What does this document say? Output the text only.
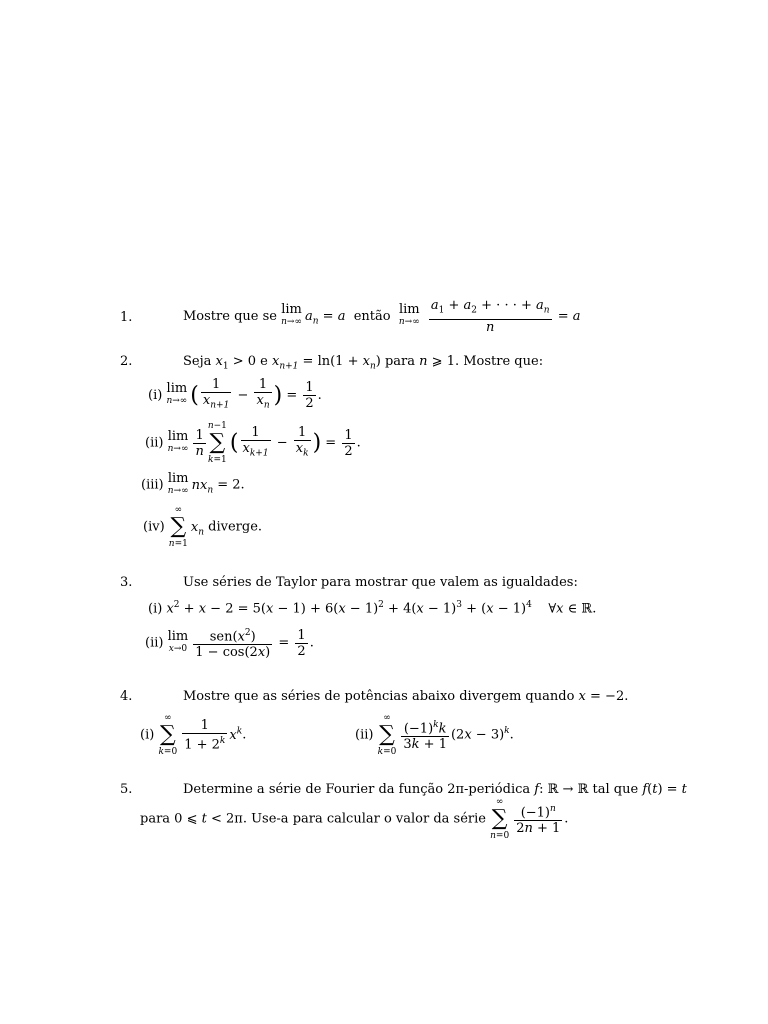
1.	Mostre que se lim
n→∞ $a_n = a$ então lim
n→∞
$\frac{a_1 + a_2 + \cdot \cdot \cdot + a_n}{n} = a$
2.	Seja $x_1 > 0$ e $x_{n+1} = \ln(1 + x_n)$ para n ⩾ 1. Mostre que:
(i) lim
n→∞ ( $\frac{1}{x_{n+1}} - \frac{1}{x_n}$ ) = $\frac{1}{2}$ .
(ii) lim
$n\to\infty \frac{1}{n}$
n−1
∑
k=1
( $\frac{1}{x_{k+1}} - \frac{1}{x_k}$ ) = $\frac{1}{2}$ .
(iii) lim
n→∞ $nx_n = 2$.
(iv)
∞
∑
n=1
$x_n$ diverge.
3.	Use séries de Taylor para mostrar que valem as igualdades:
(i) $x^2 + x - 2 = 5(x - 1) + 6(x - 1)^2 + 4(x - 1)^3 + (x - 1)^4$    ∀x ∈ ℝ.
(ii) lim
x→0
$sen(x^2)$
1 − cos(2x)
= $\frac{1}{2}$ .
4.	Mostre que as séries de potências abaixo divergem quando x = −2.
(i)
∞
∑
$k=0 \frac{1}{1 + 2^k} x^k$.	(ii)
∞
∑
$k=0 \frac{(-1)^kk}{3k + 1} (2x - 3)^k$.
5.	Determine a série de Fourier da função 2π-periódica f: ℝ → ℝ tal que f(t) = t
para 0 ⩽ t < 2π. Use-a para calcular o valor da série
∞
∑
$n=0 \frac{(-1)^n}{2n + 1}$ .
